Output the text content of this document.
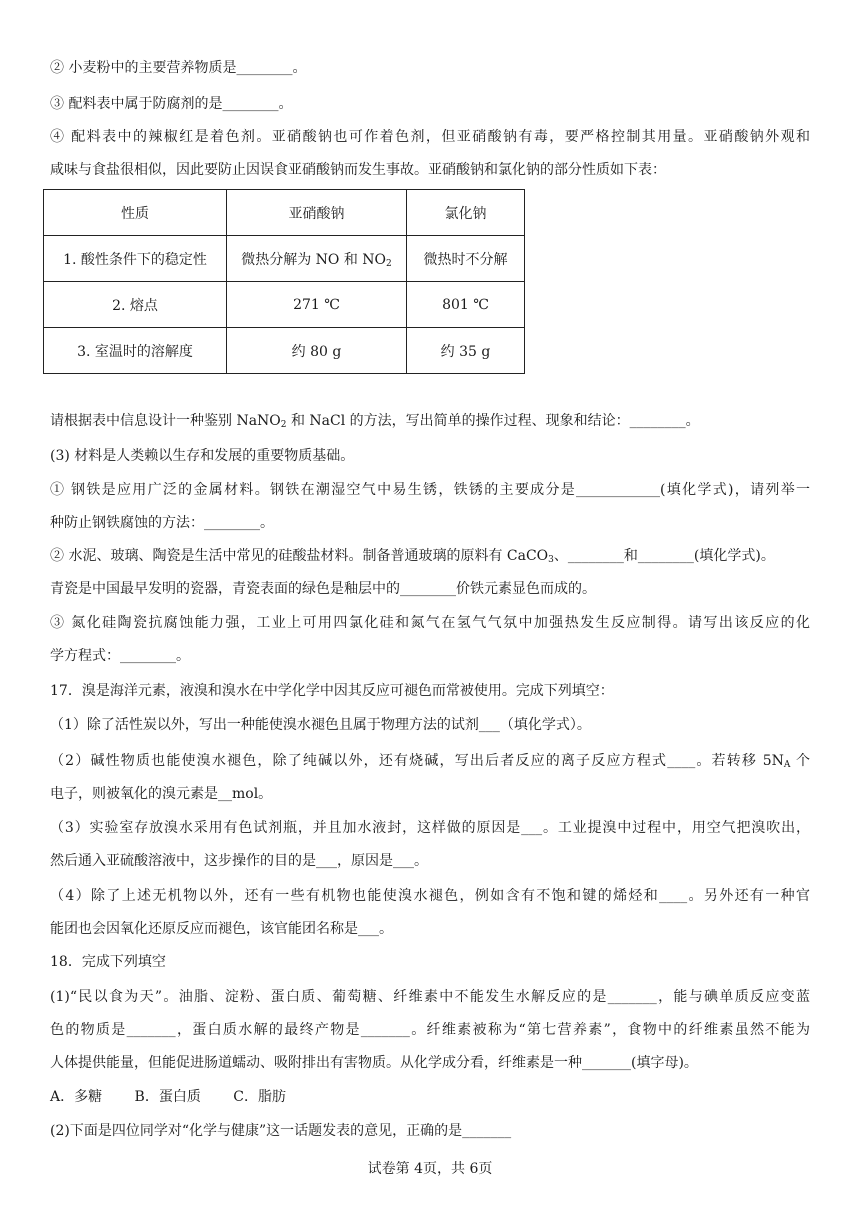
② 小麦粉中的主要营养物质是________。
③ 配料表中属于防腐剂的是________。
④ 配料表中的辣椒红是着色剂。亚硝酸钠也可作着色剂，但亚硝酸钠有毒，要严格控制其用量。亚硝酸钠外观和
咸味与食盐很相似，因此要防止因误食亚硝酸钠而发生事故。亚硝酸钠和氯化钠的部分性质如下表：
性质	亚硝酸钠	氯化钠
1. 酸性条件下的稳定性	微热分解为 NO 和 $NO_2$	微热时不分解
2. 熔点	271 ℃	801 ℃
3. 室温时的溶解度	约 80 g	约 35 g
请根据表中信息设计一种鉴别 NaNO$_2$ 和 NaCl 的方法，写出简单的操作过程、现象和结论：________。
(3) 材料是人类赖以生存和发展的重要物质基础。
① 钢铁是应用广泛的金属材料。钢铁在潮湿空气中易生锈，铁锈的主要成分是____________(填化学式)，请列举一
种防止钢铁腐蚀的方法：________。
② 水泥、玻璃、陶瓷是生活中常见的硅酸盐材料。制备普通玻璃的原料有 CaCO$_3$、________和________(填化学式)。
青瓷是中国最早发明的瓷器，青瓷表面的绿色是釉层中的________价铁元素显色而成的。
③ 氮化硅陶瓷抗腐蚀能力强，工业上可用四氯化硅和氮气在氢气气氛中加强热发生反应制得。请写出该反应的化
学方程式：________。
17．溴是海洋元素，液溴和溴水在中学化学中因其反应可褪色而常被使用。完成下列填空：
（1）除了活性炭以外，写出一种能使溴水褪色且属于物理方法的试剂___（填化学式）。
（2）碱性物质也能使溴水褪色，除了纯碱以外，还有烧碱，写出后者反应的离子反应方程式____。若转移 $5N_A$ 个
电子，则被氧化的溴元素是__mol。
（3）实验室存放溴水采用有色试剂瓶，并且加水液封，这样做的原因是___。工业提溴中过程中，用空气把溴吹出，
然后通入亚硫酸溶液中，这步操作的目的是___，原因是___。
（4）除了上述无机物以外，还有一些有机物也能使溴水褪色，例如含有不饱和键的烯烃和____。另外还有一种官
能团也会因氧化还原反应而褪色，该官能团名称是___。
18．完成下列填空
(1)“民以食为天”。油脂、淀粉、蛋白质、葡萄糖、纤维素中不能发生水解反应的是_______，能与碘单质反应变蓝
色的物质是_______，蛋白质水解的最终产物是_______。纤维素被称为“第七营养素”，食物中的纤维素虽然不能为
人体提供能量，但能促进肠道蠕动、吸附排出有害物质。从化学成分看，纤维素是一种_______(填字母)。
A．多糖　　 B．蛋白质　　 C．脂肪
(2)下面是四位同学对“化学与健康”这一话题发表的意见，正确的是_______
试卷第 4页，共 6页
